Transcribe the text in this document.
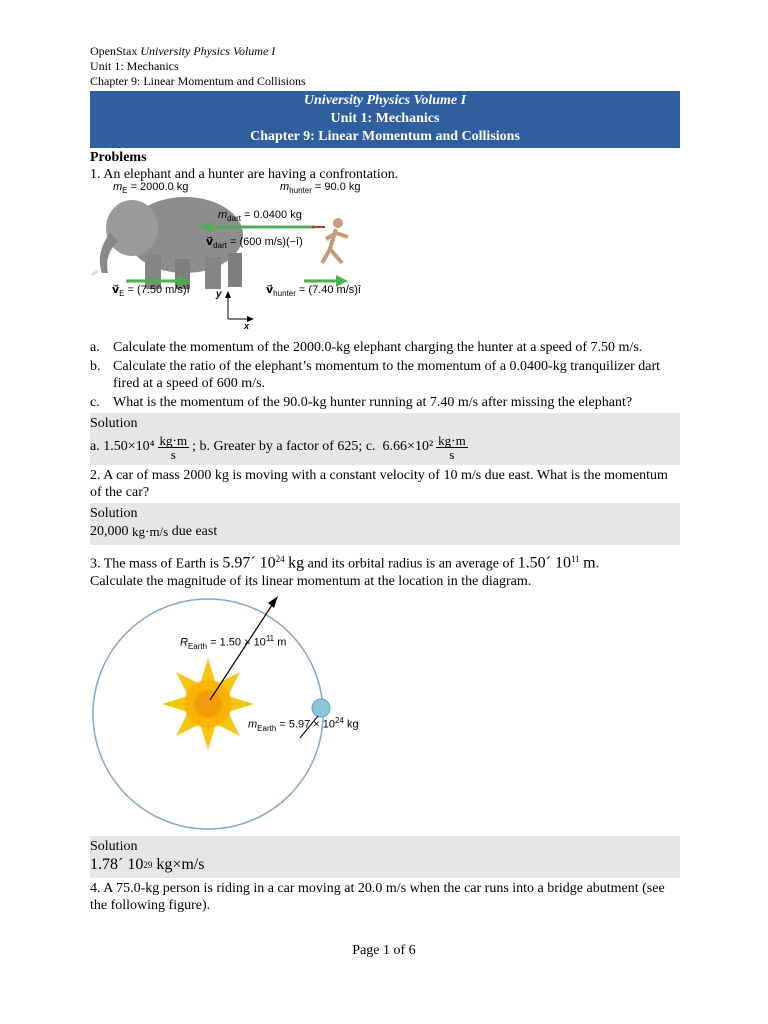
OpenStax University Physics Volume I
Unit 1: Mechanics
Chapter 9: Linear Momentum and Collisions
University Physics Volume I
Unit 1: Mechanics
Chapter 9: Linear Momentum and Collisions
Problems
1. An elephant and a hunter are having a confrontation.
$m_E = 2000.0$ kg	$m_{hunter} = 90.0$ kg
$m_{dart} = 0.0400$ kg
$v⃗_{dart} = (600$ m/s)(−î)
$v⃗_E = (7.50$ m/s)î	$v⃗_{hunter} = (7.40$ m/s)î
y
x
a. Calculate the momentum of the 2000.0-kg elephant charging the hunter at a speed of 7.50 m/s.
b. Calculate the ratio of the elephant’s momentum to the momentum of a 0.0400-kg tranquilizer dart fired at a speed of 600 m/s.
c. What is the momentum of the 90.0-kg hunter running at 7.40 m/s after missing the elephant?
Solution
a.
$1.50\times 10^4 \frac{kg\cdot m}{s}$ ; b. Greater by a factor of 625; c.
$6.66\times 10^2 \frac{kg\cdot m}{s}$
2. A car of mass 2000 kg is moving with a constant velocity of 10 m/s due east. What is the momentum of the car?
Solution
20,000
kg⋅m/s
due east
3. The mass of Earth is 5.97´ $10^{24}$ kg and its orbital radius is an average of 1.50´ $10^{11}$ m.
Calculate the magnitude of its linear momentum at the location in the diagram.
$R_{Earth} = 1.50 \times 10^{11}$ m
$m_{Earth} = 5.97 \times 10^{24}$ kg
Solution
1.78´ 10 29
kg×m/s
4. A 75.0-kg person is riding in a car moving at 20.0 m/s when the car runs into a bridge abutment (see the following figure).
Page 1 of 6
